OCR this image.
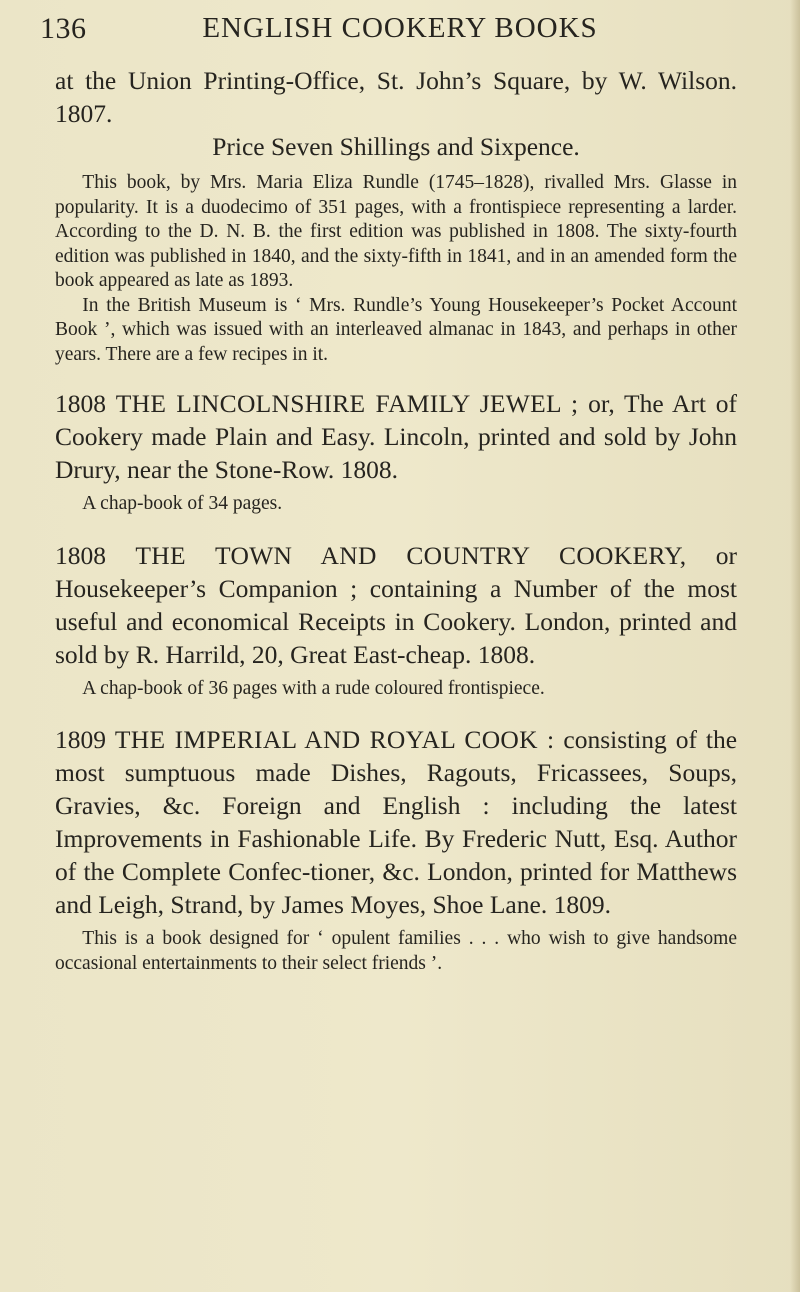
136	ENGLISH COOKERY BOOKS

at the Union Printing-Office, St. John’s Square, by W. Wilson. 1807.

Price Seven Shillings and Sixpence.

This book, by Mrs. Maria Eliza Rundle (1745–1828), rivalled Mrs. Glasse in popularity. It is a duodecimo of 351 pages, with a frontispiece representing a larder. According to the D. N. B. the first edition was published in 1808. The sixty-fourth edition was published in 1840, and the sixty-fifth in 1841, and in an amended form the book appeared as late as 1893.

In the British Museum is ‘ Mrs. Rundle’s Young Housekeeper’s Pocket Account Book ’, which was issued with an interleaved almanac in 1843, and perhaps in other years. There are a few recipes in it.

1808 THE LINCOLNSHIRE FAMILY JEWEL ; or, The Art of Cookery made Plain and Easy. Lincoln, printed and sold by John Drury, near the Stone-Row. 1808.

A chap-book of 34 pages.

1808 THE TOWN AND COUNTRY COOKERY, or Housekeeper’s Companion ; containing a Number of the most useful and economical Receipts in Cookery. London, printed and sold by R. Harrild, 20, Great East-cheap. 1808.

A chap-book of 36 pages with a rude coloured frontispiece.

1809 THE IMPERIAL AND ROYAL COOK : consisting of the most sumptuous made Dishes, Ragouts, Fricassees, Soups, Gravies, &c. Foreign and English : including the latest Improvements in Fashionable Life. By Frederic Nutt, Esq. Author of the Complete Confec-tioner, &c. London, printed for Matthews and Leigh, Strand, by James Moyes, Shoe Lane. 1809.

This is a book designed for ‘ opulent families . . . who wish to give handsome occasional entertainments to their select friends ’.
